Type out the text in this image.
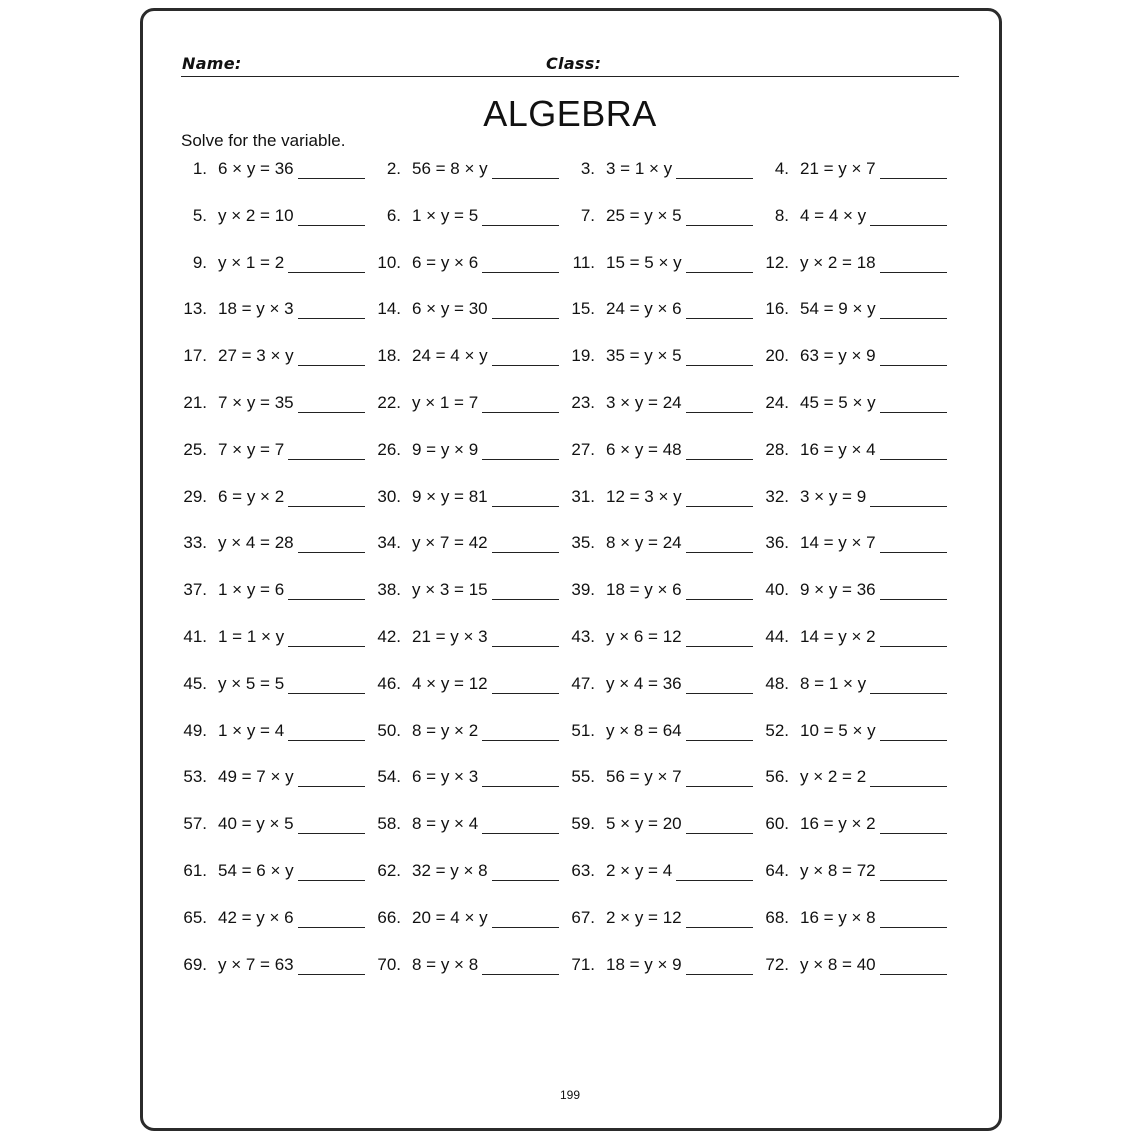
Name:	Class:
ALGEBRA
Solve for the variable.
1. 6 × y = 36	2. 56 = 8 × y	3. 3 = 1 × y	4. 21 = y × 7
5. y × 2 = 10	6. 1 × y = 5	7. 25 = y × 5	8. 4 = 4 × y
9. y × 1 = 2	10. 6 = y × 6	11. 15 = 5 × y	12. y × 2 = 18
13. 18 = y × 3	14. 6 × y = 30	15. 24 = y × 6	16. 54 = 9 × y
17. 27 = 3 × y	18. 24 = 4 × y	19. 35 = y × 5	20. 63 = y × 9
21. 7 × y = 35	22. y × 1 = 7	23. 3 × y = 24	24. 45 = 5 × y
25. 7 × y = 7	26. 9 = y × 9	27. 6 × y = 48	28. 16 = y × 4
29. 6 = y × 2	30. 9 × y = 81	31. 12 = 3 × y	32. 3 × y = 9
33. y × 4 = 28	34. y × 7 = 42	35. 8 × y = 24	36. 14 = y × 7
37. 1 × y = 6	38. y × 3 = 15	39. 18 = y × 6	40. 9 × y = 36
41. 1 = 1 × y	42. 21 = y × 3	43. y × 6 = 12	44. 14 = y × 2
45. y × 5 = 5	46. 4 × y = 12	47. y × 4 = 36	48. 8 = 1 × y
49. 1 × y = 4	50. 8 = y × 2	51. y × 8 = 64	52. 10 = 5 × y
53. 49 = 7 × y	54. 6 = y × 3	55. 56 = y × 7	56. y × 2 = 2
57. 40 = y × 5	58. 8 = y × 4	59. 5 × y = 20	60. 16 = y × 2
61. 54 = 6 × y	62. 32 = y × 8	63. 2 × y = 4	64. y × 8 = 72
65. 42 = y × 6	66. 20 = 4 × y	67. 2 × y = 12	68. 16 = y × 8
69. y × 7 = 63	70. 8 = y × 8	71. 18 = y × 9	72. y × 8 = 40
199
